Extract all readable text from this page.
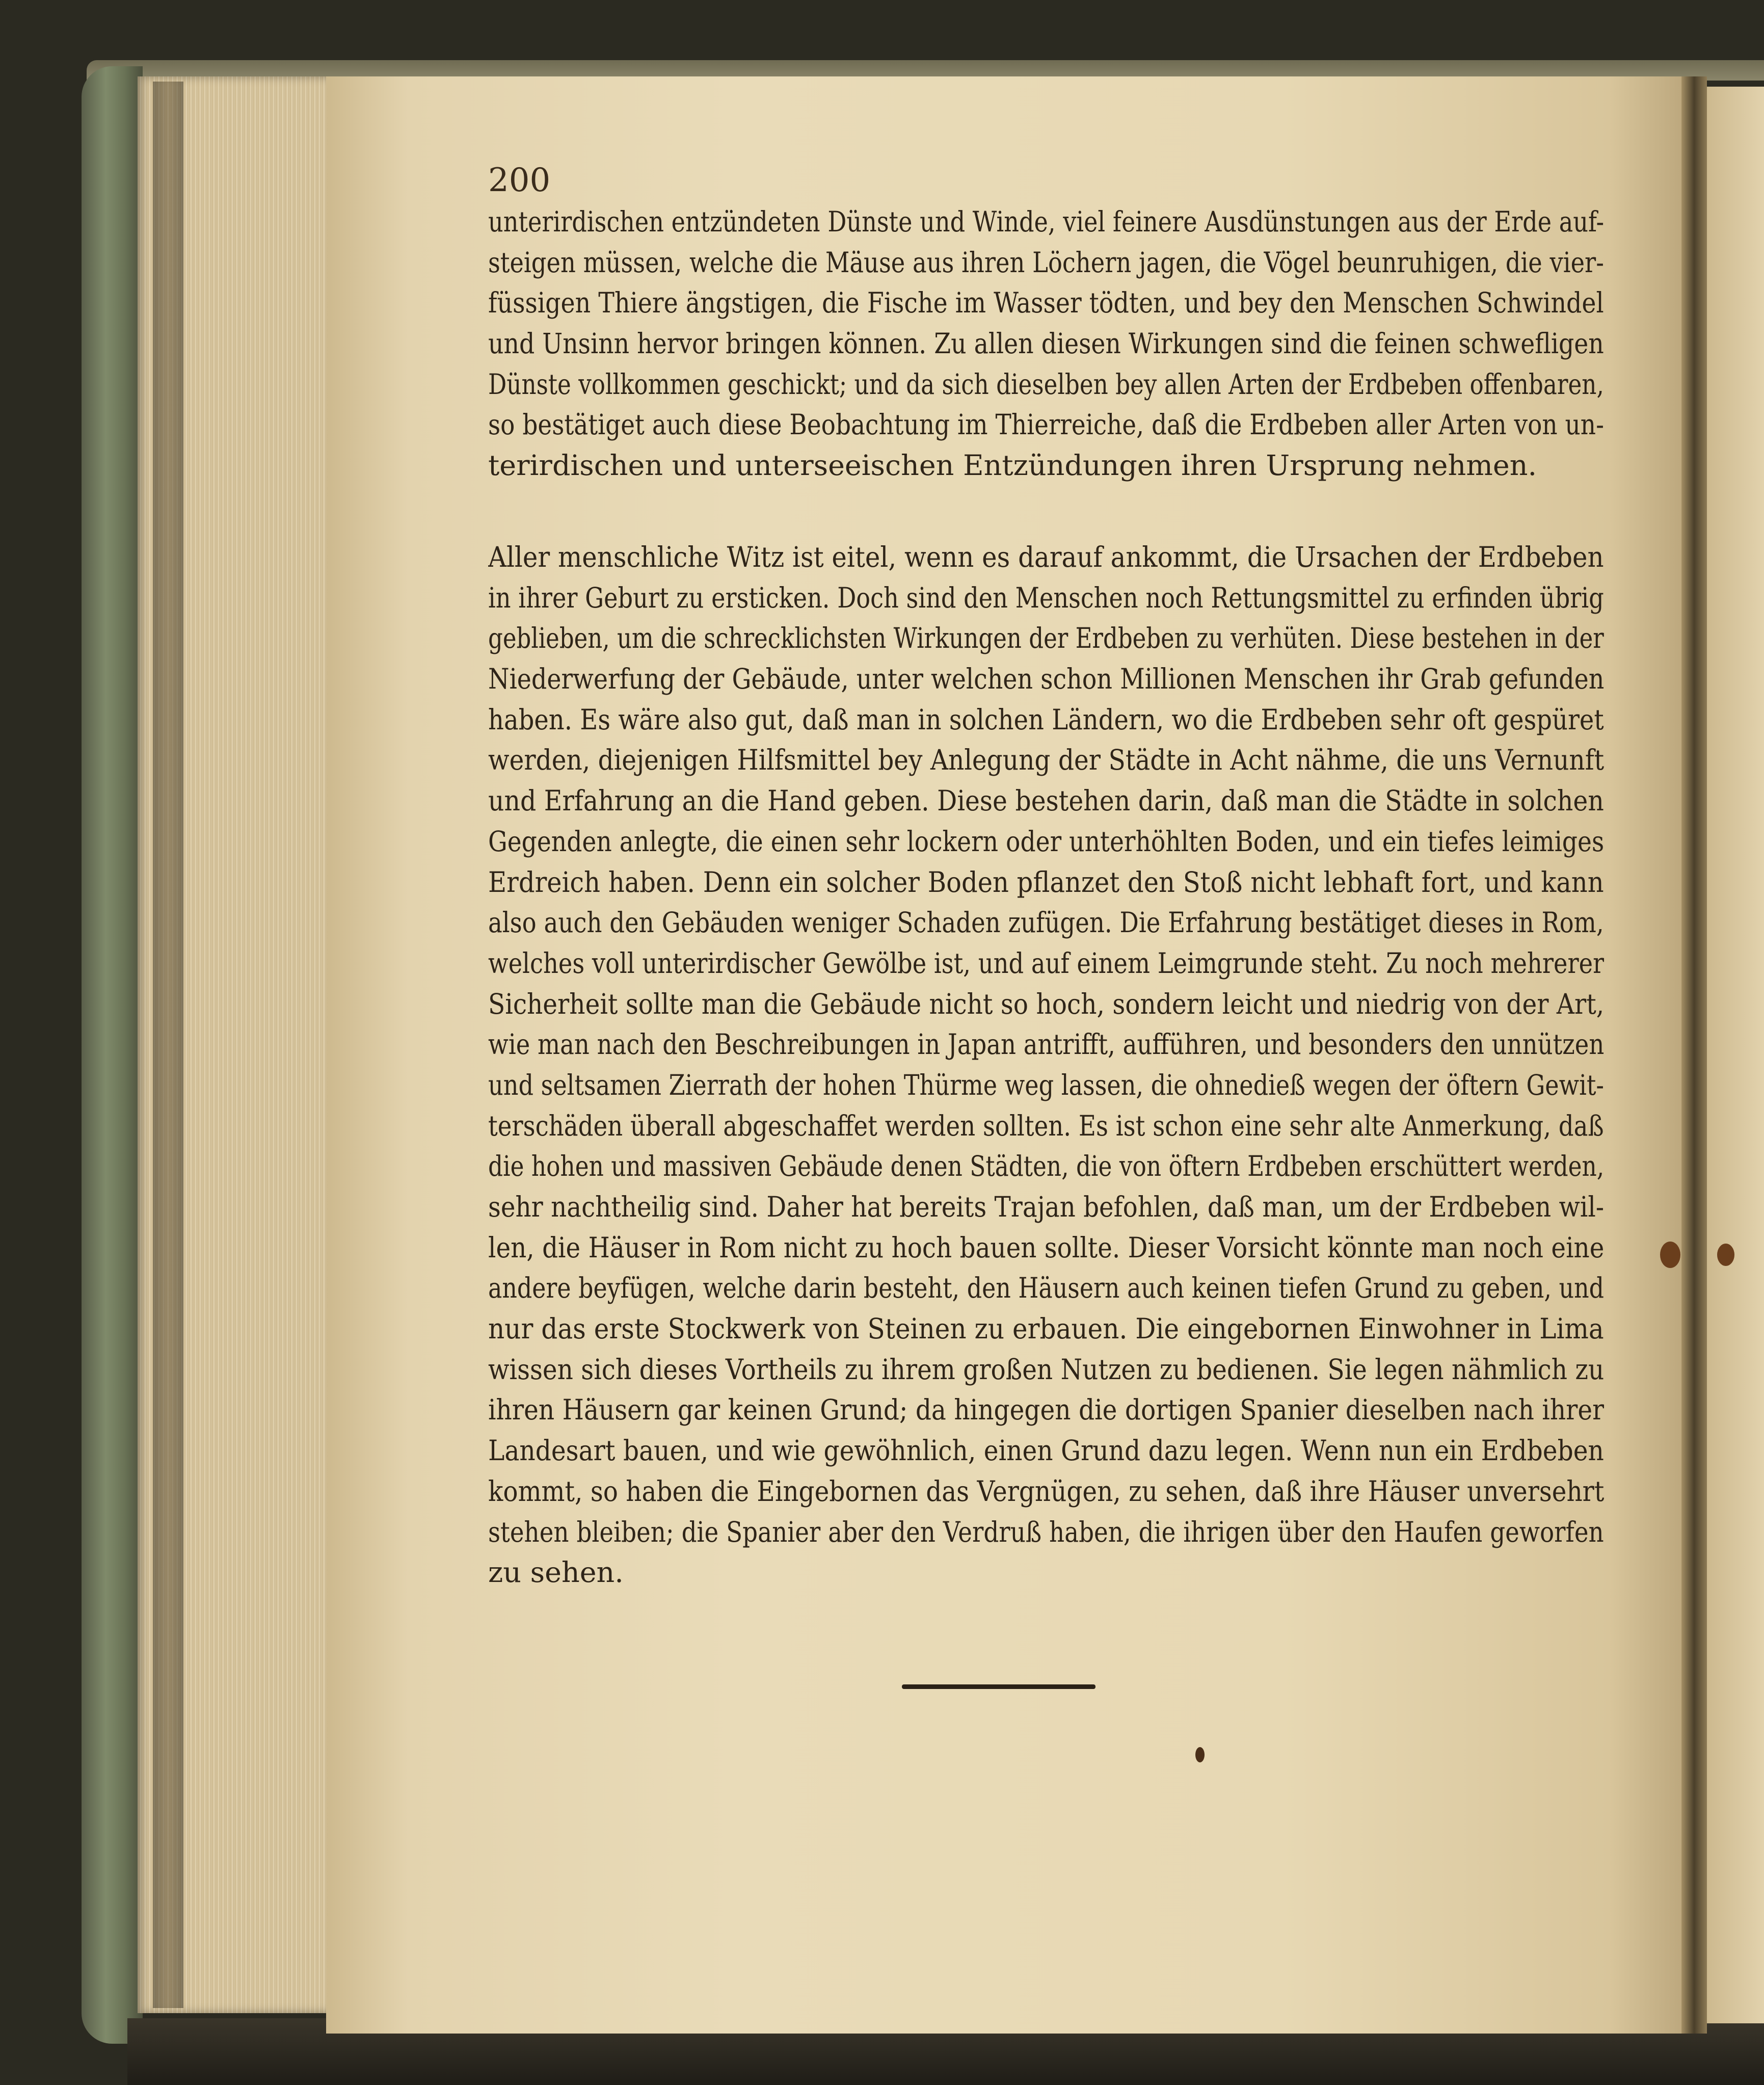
200
unterirdischen entzündeten Dünste und Winde, viel feinere Ausdünstungen aus der Erde auf-
steigen müssen, welche die Mäuse aus ihren Löchern jagen, die Vögel beunruhigen, die vier-
füssigen Thiere ängstigen, die Fische im Wasser tödten, und bey den Menschen Schwindel
und Unsinn hervor bringen können. Zu allen diesen Wirkungen sind die feinen schwefligen
Dünste vollkommen geschickt; und da sich dieselben bey allen Arten der Erdbeben offenbaren,
so bestätiget auch diese Beobachtung im Thierreiche, daß die Erdbeben aller Arten von un-
terirdischen und unterseeischen Entzündungen ihren Ursprung nehmen.
Aller menschliche Witz ist eitel, wenn es darauf ankommt, die Ursachen der Erdbeben
in ihrer Geburt zu ersticken. Doch sind den Menschen noch Rettungsmittel zu erfinden übrig
geblieben, um die schrecklichsten Wirkungen der Erdbeben zu verhüten. Diese bestehen in der
Niederwerfung der Gebäude, unter welchen schon Millionen Menschen ihr Grab gefunden
haben. Es wäre also gut, daß man in solchen Ländern, wo die Erdbeben sehr oft gespüret
werden, diejenigen Hilfsmittel bey Anlegung der Städte in Acht nähme, die uns Vernunft
und Erfahrung an die Hand geben. Diese bestehen darin, daß man die Städte in solchen
Gegenden anlegte, die einen sehr lockern oder unterhöhlten Boden, und ein tiefes leimiges
Erdreich haben. Denn ein solcher Boden pflanzet den Stoß nicht lebhaft fort, und kann
also auch den Gebäuden weniger Schaden zufügen. Die Erfahrung bestätiget dieses in Rom,
welches voll unterirdischer Gewölbe ist, und auf einem Leimgrunde steht. Zu noch mehrerer
Sicherheit sollte man die Gebäude nicht so hoch, sondern leicht und niedrig von der Art,
wie man nach den Beschreibungen in Japan antrifft, aufführen, und besonders den unnützen
und seltsamen Zierrath der hohen Thürme weg lassen, die ohnedieß wegen der öftern Gewit-
terschäden überall abgeschaffet werden sollten. Es ist schon eine sehr alte Anmerkung, daß
die hohen und massiven Gebäude denen Städten, die von öftern Erdbeben erschüttert werden,
sehr nachtheilig sind. Daher hat bereits Trajan befohlen, daß man, um der Erdbeben wil-
len, die Häuser in Rom nicht zu hoch bauen sollte. Dieser Vorsicht könnte man noch eine
andere beyfügen, welche darin besteht, den Häusern auch keinen tiefen Grund zu geben, und
nur das erste Stockwerk von Steinen zu erbauen. Die eingebornen Einwohner in Lima
wissen sich dieses Vortheils zu ihrem großen Nutzen zu bedienen. Sie legen nähmlich zu
ihren Häusern gar keinen Grund; da hingegen die dortigen Spanier dieselben nach ihrer
Landesart bauen, und wie gewöhnlich, einen Grund dazu legen. Wenn nun ein Erdbeben
kommt, so haben die Eingebornen das Vergnügen, zu sehen, daß ihre Häuser unversehrt
stehen bleiben; die Spanier aber den Verdruß haben, die ihrigen über den Haufen geworfen
zu sehen.
